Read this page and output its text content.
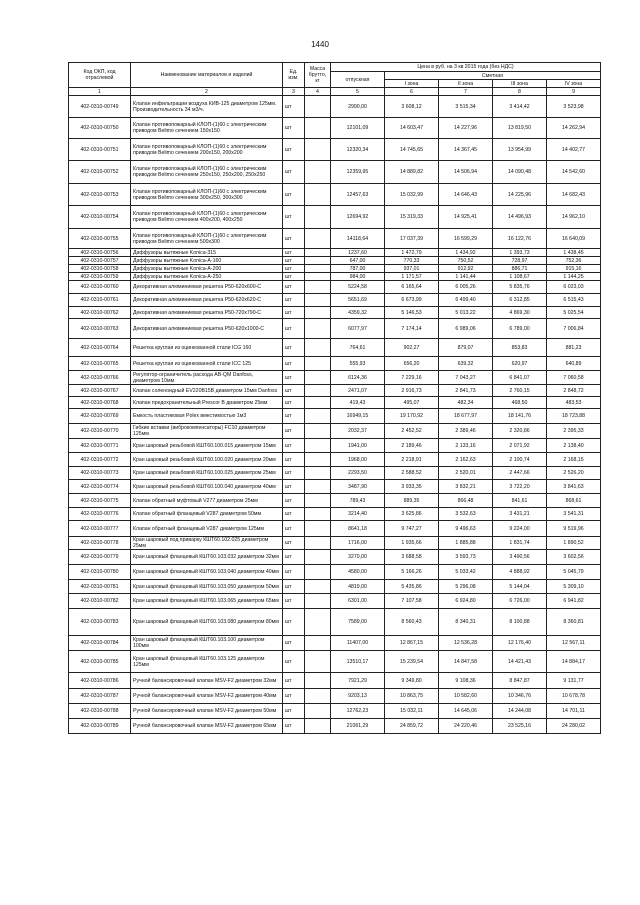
1440
Код ОКП, код отраслевой	Наименование материалов и изделий	Ед. изм.	Масса брутто, кг	Цена в руб. на 3 кв 2015 года (без НДС)				
				отпускная	Сметная			
					I зона	II зона	III зона	IV зона
1	2	3	4	5	6	7	8	9
402-0310-00749	Клапан инфильтрации воздуха КИВ-125 диаметром 125мм. Производительность 34 м3/ч.	шт		2990,00	3 608,12	3 515,34	3 414,42	3 523,98
402-0310-00750	Клапан противопожарный КЛОП-(1)60 с электрическим приводом Belimo сечением 150х150	шт		12101,09	14 603,47	14 227,96	13 819,50	14 262,94
402-0310-00751	Клапан противопожарный КЛОП-(1)60 с электрическим приводом Belimo сечением 200х150, 200х200	шт		12320,34	14 745,65	14 367,45	13 954,99	14 402,77
402-0310-00752	Клапан противопожарный КЛОП-(1)60 с электрическим приводом Belimo сечением 250х150, 250х200, 250х250	шт		12359,95	14 889,82	14 506,94	14 090,48	14 542,60
402-0310-00753	Клапан противопожарный КЛОП-(1)60 с электрическим приводом Belimo сечением 300х250, 300х300	шт		12457,63	15 032,99	14 646,43	14 225,96	14 682,43
402-0310-00754	Клапан противопожарный КЛОП-(1)60 с электрическим приводом Belimo сечением 400х200, 400х250	шт		12694,92	15 319,33	14 925,41	14 496,93	14 962,10
402-0310-00755	Клапан противопожарный КЛОП-(1)60 с электрическим приводом Belimo сечением 500х300	шт		14118,64	17 037,39	16 599,29	16 122,76	16 640,09
402-0310-00756	Диффузоры вытяжные Konica-315	шт		1237,60	1 472,79	1 434,92	1 393,73	1 438,45
402-0310-00757	Диффузоры вытяжные Konica-A-160	шт		647,00	770,33	750,52	728,97	752,36
402-0310-00758	Диффузоры вытяжные Konica-A-200	шт		787,00	937,01	912,92	886,71	915,16
402-0310-00759	Диффузоры вытяжные Konica-A-250	шт		984,00	1 171,57	1 141,44	1 108,67	1 144,25
402-0310-00760	Декоративная алюминиевая решетка Р50-620х600-С	шт		5224,58	6 165,64	6 005,26	5 835,76	6 023,03
402-0310-00761	Декоративная алюминиевая решетка Р50-620х620-С	шт		5651,69	6 673,99	6 499,40	6 312,85	6 515,43
402-0310-00762	Декоративная алюминиевая решетка Р50-720х790-С	шт		4359,32	5 146,53	5 013,22	4 869,30	5 025,54
402-0310-00763	Декоративная алюминиевая решетка Р50-620х1000-С	шт		6077,97	7 174,14	6 989,06	6 789,00	7 006,84
402-0310-00764	Решетка круглая из оцинкованной стали ICG 160	шт		764,61	902,27	879,07	853,83	881,23
402-0310-00765	Решетка круглая из оцинкованной стали ICC 125	шт		555,93	656,20	639,32	620,97	640,89
402-0310-00766	Регулятор-ограничитель расхода AB-QM Danfoss, диаметром 10мм	шт		6124,36	7 229,16	7 043,27	6 841,07	7 060,58
402-0310-00767	Клапан соленоидный EV220B15B диаметром 15мм Danfoss	шт		2471,07	2 916,73	2 841,73	2 760,15	2 848,72
402-0310-00768	Клапан предохранительный Prescor В диаметром 25мм	шт		419,43	495,07	482,34	468,50	483,53
402-0310-00769	Емкость пластиковая Polex вместимостью 1м3	шт		16949,15	19 170,92	18 677,97	18 141,76	18 723,88
402-0310-00770	Гибкие вставки (виброкомпенсаторы) FC10 диаметром 125мм	шт		2032,37	2 452,52	2 389,46	2 320,86	2 395,33
402-0310-00771	Кран шаровый резьбовой КШТ60.100.015 диаметром 15мм	шт		1941,00	2 189,46	2 133,16	2 071,92	2 138,40
402-0310-00772	Кран шаровый резьбовой КШТ60.100.020 диаметром 20мм	шт		1968,00	2 218,91	2 162,63	2 100,74	2 168,15
402-0310-00773	Кран шаровый резьбовой КШТ60.100.025 диаметром 25мм	шт		2293,50	2 588,52	2 520,01	2 447,66	2 526,20
402-0310-00774	Кран шаровый резьбовой КШТ60.100.040 диаметром 40мм	шт		3487,90	3 933,35	3 832,21	3 722,20	3 841,63
402-0310-00775	Клапан обратный муфтовый V277 диаметром 25мм	шт		789,43	889,35	866,48	841,61	868,61
402-0310-00776	Клапан обратный фланцевый V287 диаметром 50мм	шт		3214,40	3 625,86	3 532,63	3 431,21	3 541,31
402-0310-00777	Клапан обратный фланцевый V287 диаметром 125мм	шт		8641,18	9 747,27	9 496,63	9 224,00	9 519,96
402-0310-00778	Кран шаровый под приварку КШТ60.102.025 диаметром 25мм	шт		1716,00	1 935,66	1 885,88	1 831,74	1 890,52
402-0310-00779	Кран шаровый фланцевый КШТ60.103.032 диаметром 32мм	шт		3270,00	3 688,58	3 593,73	3 490,56	3 602,56
402-0310-00780	Кран шаровый фланцевый КШТ60.103.040 диаметром 40мм	шт		4580,00	5 166,26	5 033,42	4 888,92	5 045,79
402-0310-00781	Кран шаровый фланцевый КШТ60.103.050 диаметром 50мм	шт		4819,00	5 435,86	5 296,08	5 144,04	5 309,10
402-0310-00782	Кран шаровый фланцевый КШТ60.103.065 диаметром 65мм	шт		6301,00	7 107,58	6 924,80	6 726,00	6 941,82
402-0310-00783	Кран шаровый фланцевый КШТ60.103.080 диаметром 80мм	шт		7589,00	8 560,43	8 340,31	8 100,88	8 360,81
402-0310-00784	Кран шаровый фланцевый КШТ60.103.100 диаметром 100мм	шт		11407,00	12 867,15	12 536,28	12 176,40	12 567,11
402-0310-00785	Кран шаровый фланцевый КШТ60.103.125 диаметром 125мм	шт		13510,17	15 239,54	14 847,58	14 421,43	14 884,17
402-0310-00786	Ручной балансировочный клапан MSV-F2 диаметром 32мм	шт		7921,29	9 349,80	9 108,36	8 847,87	9 131,77
402-0310-00787	Ручной балансировочный клапан MSV-F2 диаметром 40мм	шт		9203,13	10 863,75	10 582,60	10 346,76	10 678,78
402-0310-00788	Ручной балансировочный клапан MSV-F2 диаметром 50мм	шт		12762,23	15 032,11	14 645,06	14 244,08	14 701,11
402-0310-00789	Ручной балансировочный клапан MSV-F2 диаметром 65мм	шт		21061,29	24 859,72	24 220,46	23 525,16	24 280,02
